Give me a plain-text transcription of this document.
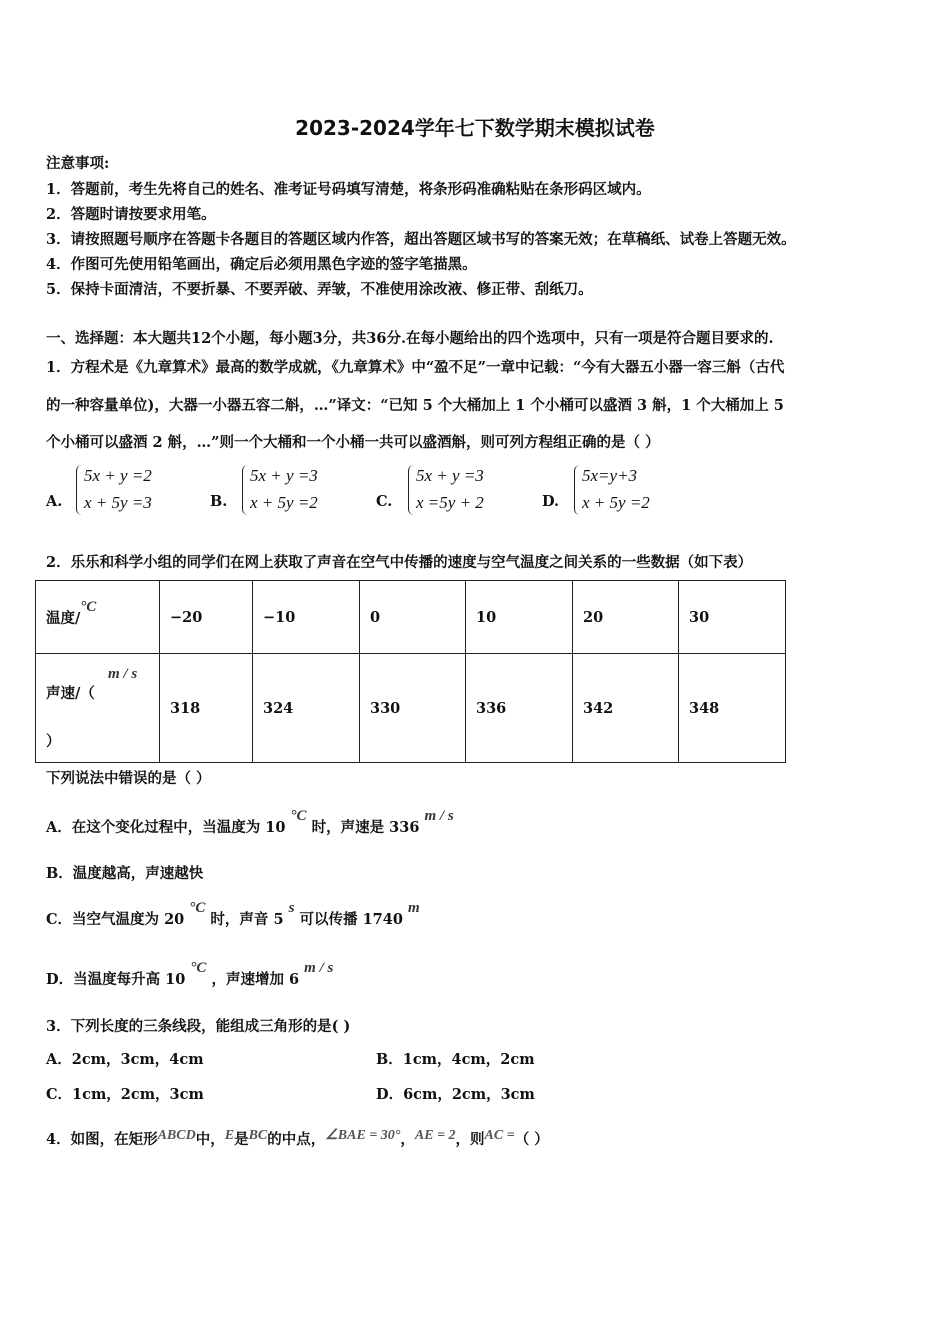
2023-2024学年七下数学期末模拟试卷
注意事项:
1．答题前，考生先将自己的姓名、准考证号码填写清楚，将条形码准确粘贴在条形码区域内。
2．答题时请按要求用笔。
3．请按照题号顺序在答题卡各题目的答题区域内作答，超出答题区域书写的答案无效；在草稿纸、试卷上答题无效。
4．作图可先使用铅笔画出，确定后必须用黑色字迹的签字笔描黑。
5．保持卡面清洁，不要折暴、不要弄破、弄皱，不准使用涂改液、修正带、刮纸刀。
一、选择题：本大题共12个小题，每小题3分，共36分.在每小题给出的四个选项中，只有一项是符合题目要求的.
1．方程术是《九章算术》最高的数学成就，《九章算术》中“盈不足”一章中记载：“今有大器五小器一容三斛（古代
的一种容量单位)，大器一小器五容二斛，…”译文：“已知 5 个大桶加上 1 个小桶可以盛酒 3 斛，1 个大桶加上 5
个小桶可以盛酒 2 斛，…”则一个大桶和一个小桶一共可以盛酒斛，则可列方程组正确的是（ ）
A.
5x + y =2
x + 5y =3	B.
5x + y =3
x + 5y =2	C.
5x + y =3
x =5y + 2	D.
5x=y+3
x + 5y =2
2．乐乐和科学小组的同学们在网上获取了声音在空气中传播的速度与空气温度之间关系的一些数据（如下表）
温度/°C	−20	−10	0	10	20	30

声速/（
m / s
）	318	324	330	336	342	348
下列说法中错误的是（ ）
A．在这个变化过程中，当温度为 10 °C 时，声速是 336 m / s
B．温度越高，声速越快
C．当空气温度为 20 °C 时，声音 5 s 可以传播 1740 m
D．当温度每升高 10 °C ，声速增加 6 m / s
3．下列长度的三条线段，能组成三角形的是( )
A．2cm，3cm，4cm	B．1cm，4cm，2cm
C．1cm，2cm，3cm	D．6cm，2cm，3cm
4．如图，在矩形ABCD中，E是BC的中点，∠BAE = 30°，AE = 2，则AC =（ ）
